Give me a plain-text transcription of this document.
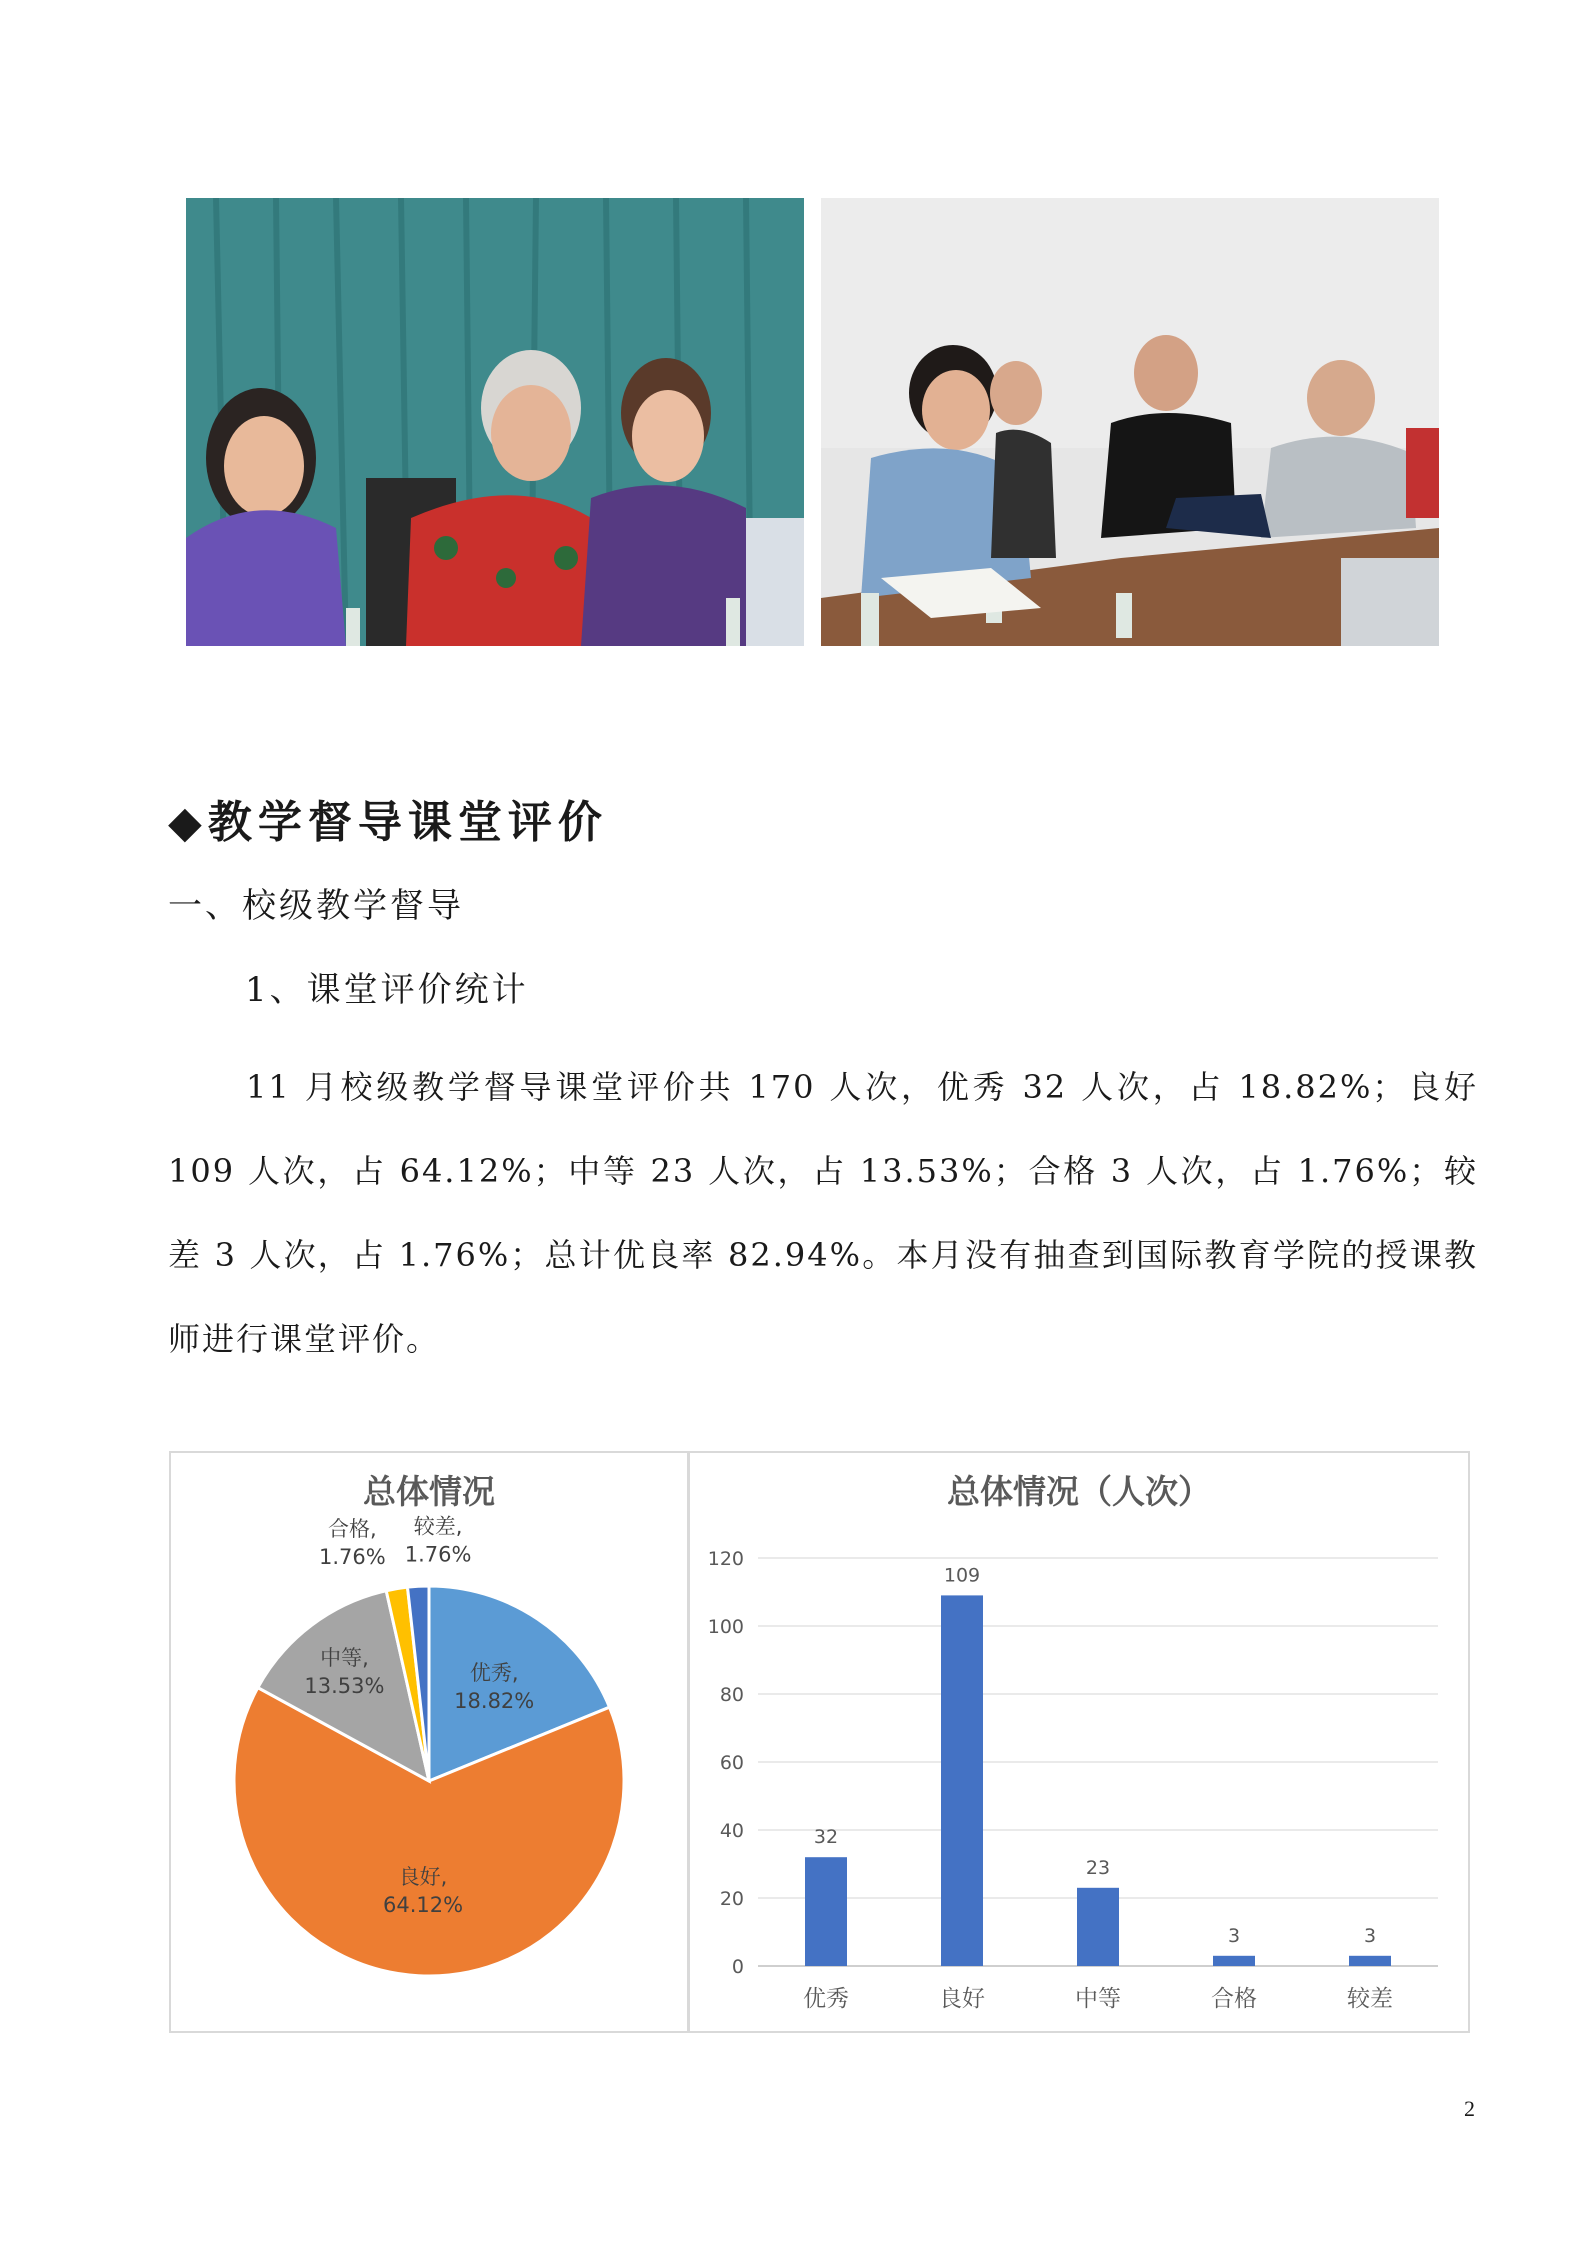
◆教学督导课堂评价
一、校级教学督导
1、课堂评价统计
11 月校级教学督导课堂评价共 170 人次，优秀 32 人次，占 18.82%；良好 109 人次，占 64.12%；中等 23 人次，占 13.53%；合格 3 人次，占 1.76%；较差 3 人次，占 1.76%；总计优良率 82.94%。本月没有抽查到国际教育学院的授课教师进行课堂评价。
总体情况
优秀,
18.82%
良好,
64.12%
中等,
13.53%
合格,
1.76%
较差,
1.76%
总体情况（人次）
0
20
40
60
80
100
120
32
优秀
109
良好
23
中等
3
合格
3
较差
2
